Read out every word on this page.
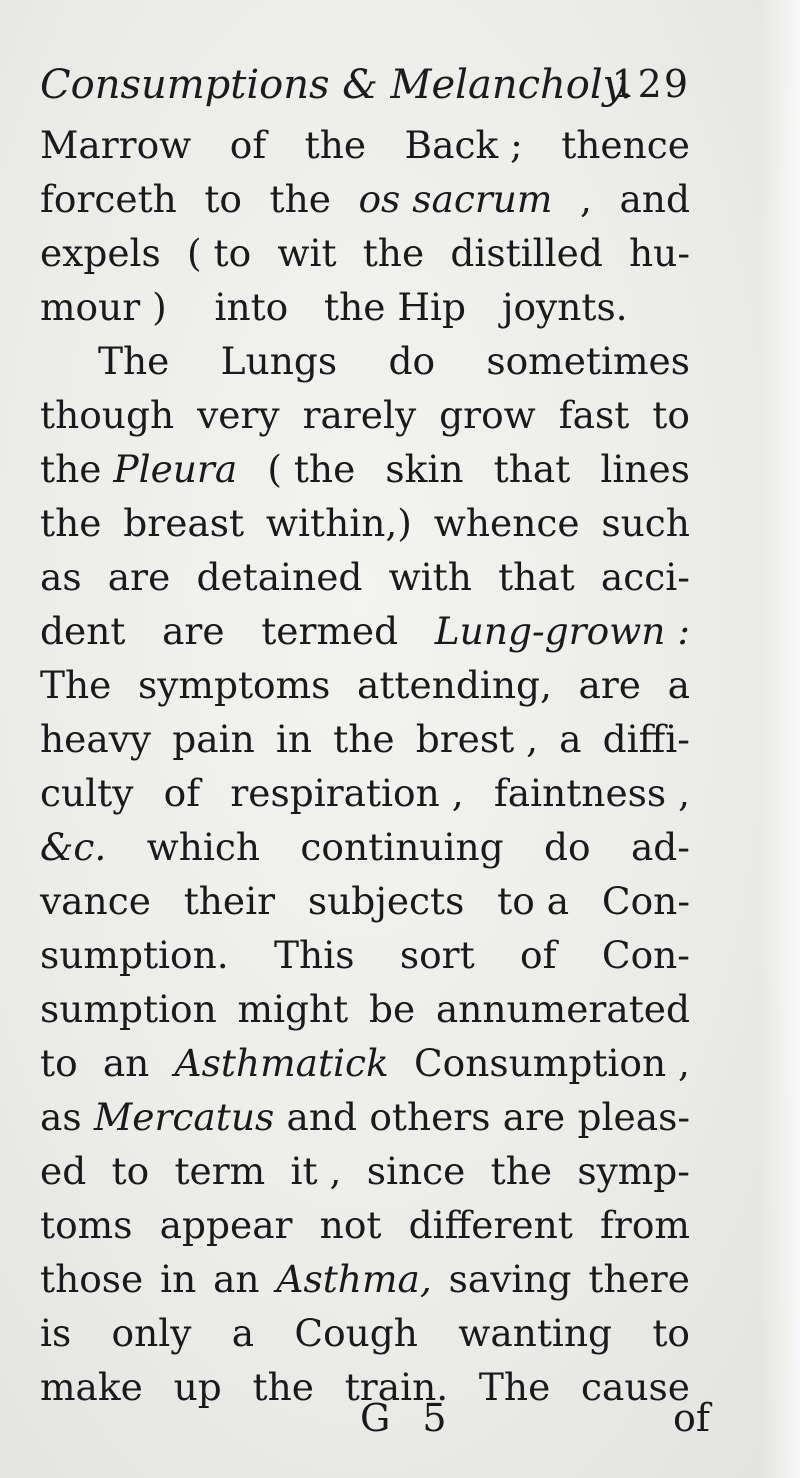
Consumptions & Melancholy.
129
Marrow of the Back ; thence
forceth to the os sacrum , and
expels ( to wit the distilled hu-
mour ) into the Hip joynts.
The Lungs do sometimes
though very rarely grow fast to
the Pleura ( the skin that lines
the breast within,) whence such
as are detained with that acci-
dent are termed Lung-grown :
The symptoms attending, are a
heavy pain in the brest , a diffi-
culty of respiration , faintness ,
&c. which continuing do ad-
vance their subjects to a Con-
sumption. This sort of Con-
sumption might be annumerated
to an Asthmatick Consumption ,
as Mercatus and others are pleas-
ed to term it , since the symp-
toms appear not different from
those in an Asthma, saving there
is only a Cough wanting to
make up the train. The cause
G 5	of
